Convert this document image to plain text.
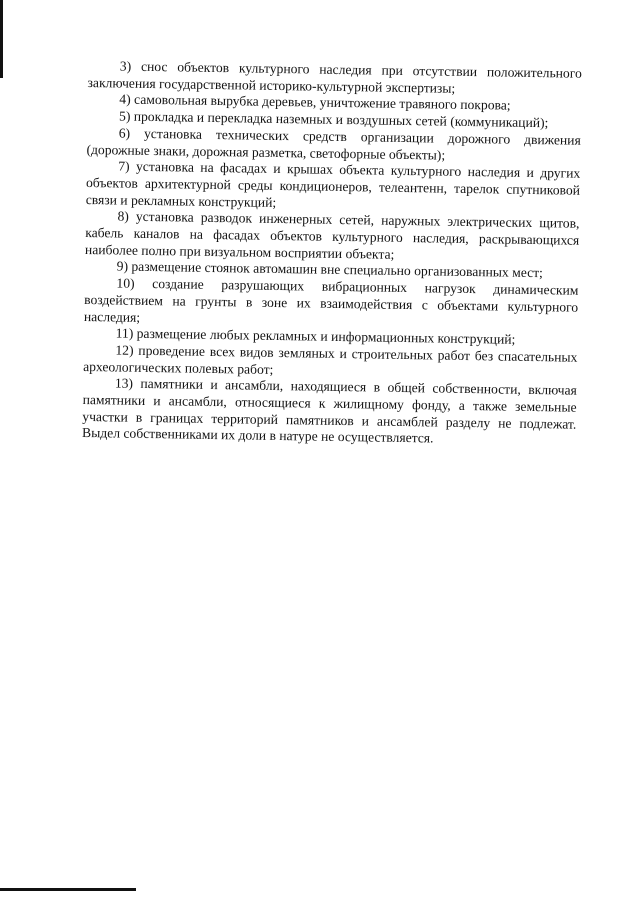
3) снос объектов культурного наследия при отсутствии положительного заключения государственной историко-культурной экспертизы;

4) самовольная вырубка деревьев, уничтожение травяного покрова;

5) прокладка и перекладка наземных и воздушных сетей (коммуникаций);

6) установка технических средств организации дорожного движения (дорожные знаки, дорожная разметка, светофорные объекты);

7) установка на фасадах и крышах объекта культурного наследия и других объектов архитектурной среды кондиционеров, телеантенн, тарелок спутниковой связи и рекламных конструкций;

8) установка разводок инженерных сетей, наружных электрических щитов, кабель каналов на фасадах объектов культурного наследия, раскрывающихся наиболее полно при визуальном восприятии объекта;

9) размещение стоянок автомашин вне специально организованных мест;

10) создание разрушающих вибрационных нагрузок динамическим воздействием на грунты в зоне их взаимодействия с объектами культурного наследия;

11) размещение любых рекламных и информационных конструкций;

12) проведение всех видов земляных и строительных работ без спасательных археологических полевых работ;

13) памятники и ансамбли, находящиеся в общей собственности, включая памятники и ансамбли, относящиеся к жилищному фонду, а также земельные участки в границах территорий памятников и ансамблей разделу не подлежат. Выдел собственниками их доли в натуре не осуществляется.
